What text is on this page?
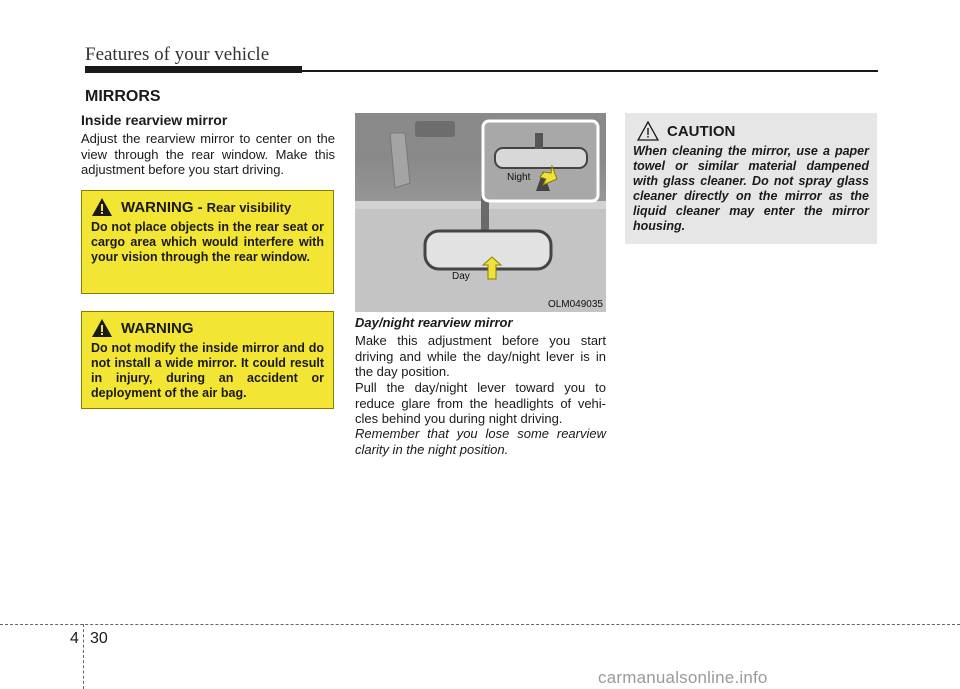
Features of your vehicle
MIRRORS
Inside rearview mirror
Adjust the rearview mirror to center on the view through the rear window. Make this adjustment before you start driving.
WARNING - Rear visibility
Do not place objects in the rear seat or cargo area which would interfere with your vision through the rear window.
WARNING
Do not modify the inside mirror and do not install a wide mirror. It could result in injury, during an accident or deployment of the air bag.
Night
Day
OLM049035
Day/night rearview mirror
Make this adjustment before you start driving and while the day/night lever is in the day position.
Pull the day/night lever toward you to reduce glare from the headlights of vehi-cles behind you during night driving.
Remember that you lose some rearview clarity in the night position.
CAUTION
When cleaning the mirror, use a paper towel or similar material dampened with glass cleaner. Do not spray glass cleaner directly on the mirror as the liquid cleaner may enter the mirror housing.
4 30
carmanualsonline.info
